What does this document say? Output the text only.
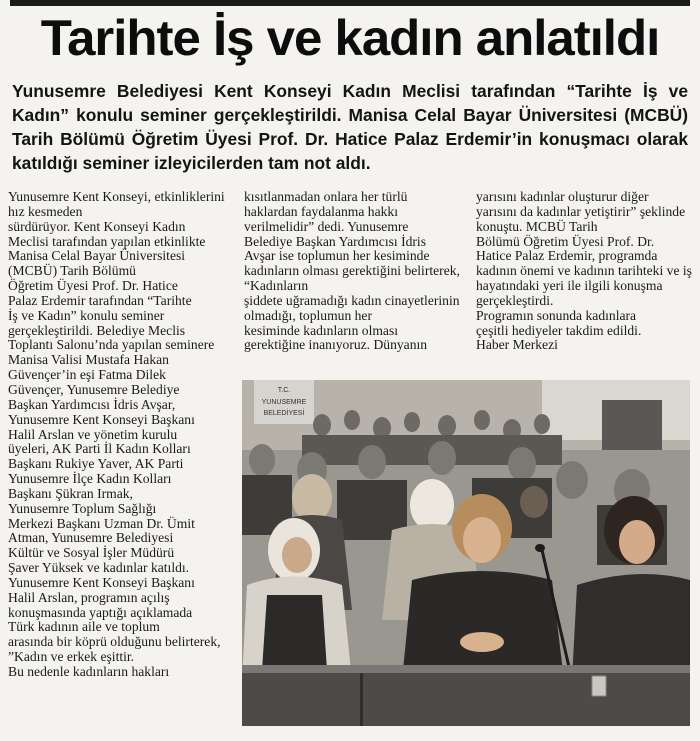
Tarihte İş ve kadın anlatıldı
Yunusemre Belediyesi Kent Konseyi Kadın Meclisi tarafından “Tarihte İş ve Kadın” konulu seminer gerçekleştirildi. Manisa Celal Bayar Üniversitesi (MCBÜ) Tarih Bölümü Öğretim Üyesi Prof. Dr. Hatice Palaz Erdemir’in konuşmacı olarak katıldığı seminer izleyicilerden tam not aldı.

Yunusemre Kent Konseyi, etkinliklerini hız kesmeden
sürdürüyor. Kent Konseyi Kadın
Meclisi tarafından yapılan etkinlikte Manisa Celal Bayar Üniversitesi (MCBÜ) Tarih Bölümü
Öğretim Üyesi Prof. Dr. Hatice
Palaz Erdemir tarafından “Tarihte
İş ve Kadın” konulu seminer
gerçekleştirildi. Belediye Meclis
Toplantı Salonu’nda yapılan seminere Manisa Valisi Mustafa Hakan
Güvençer’in eşi Fatma Dilek
Güvençer, Yunusemre Belediye
Başkan Yardımcısı İdris Avşar,
Yunusemre Kent Konseyi Başkanı
Halil Arslan ve yönetim kurulu
üyeleri, AK Parti İl Kadın Kolları
Başkanı Rukiye Yaver, AK Parti
Yunusemre İlçe Kadın Kolları
Başkanı Şükran Irmak,
Yunusemre Toplum Sağlığı
Merkezi Başkanı Uzman Dr. Ümit
Atman, Yunusemre Belediyesi
Kültür ve Sosyal İşler Müdürü
Şaver Yüksek ve kadınlar katıldı.
Yunusemre Kent Konseyi Başkanı
Halil Arslan, programın açılış
konuşmasında yaptığı açıklamada
Türk kadının aile ve toplum
arasında bir köprü olduğunu belirterek, ”Kadın ve erkek eşittir.
Bu nedenle kadınların hakları

kısıtlanmadan onlara her türlü
haklardan faydalanma hakkı verilmelidir” dedi. Yunusemre
Belediye Başkan Yardımcısı İdris
Avşar ise toplumun her kesiminde kadınların olması gerektiğini belirterek, “Kadınların
şiddete uğramadığı kadın cinayetlerinin olmadığı, toplumun her
kesiminde kadınların olması
gerektiğine inanıyoruz. Dünyanın

yarısını kadınlar oluşturur diğer
yarısını da kadınlar yetiştirir” şeklinde konuştu. MCBÜ Tarih
Bölümü Öğretim Üyesi Prof. Dr.
Hatice Palaz Erdemir, programda
kadının önemi ve kadının tarihteki ve iş hayatındaki yeri ile ilgili konuşma gerçekleştirdi.
Programın sonunda kadınlara
çeşitli hediyeler takdim edildi.
Haber Merkezi

T.C.
YUNUSEMRE
BELEDİYESİ
